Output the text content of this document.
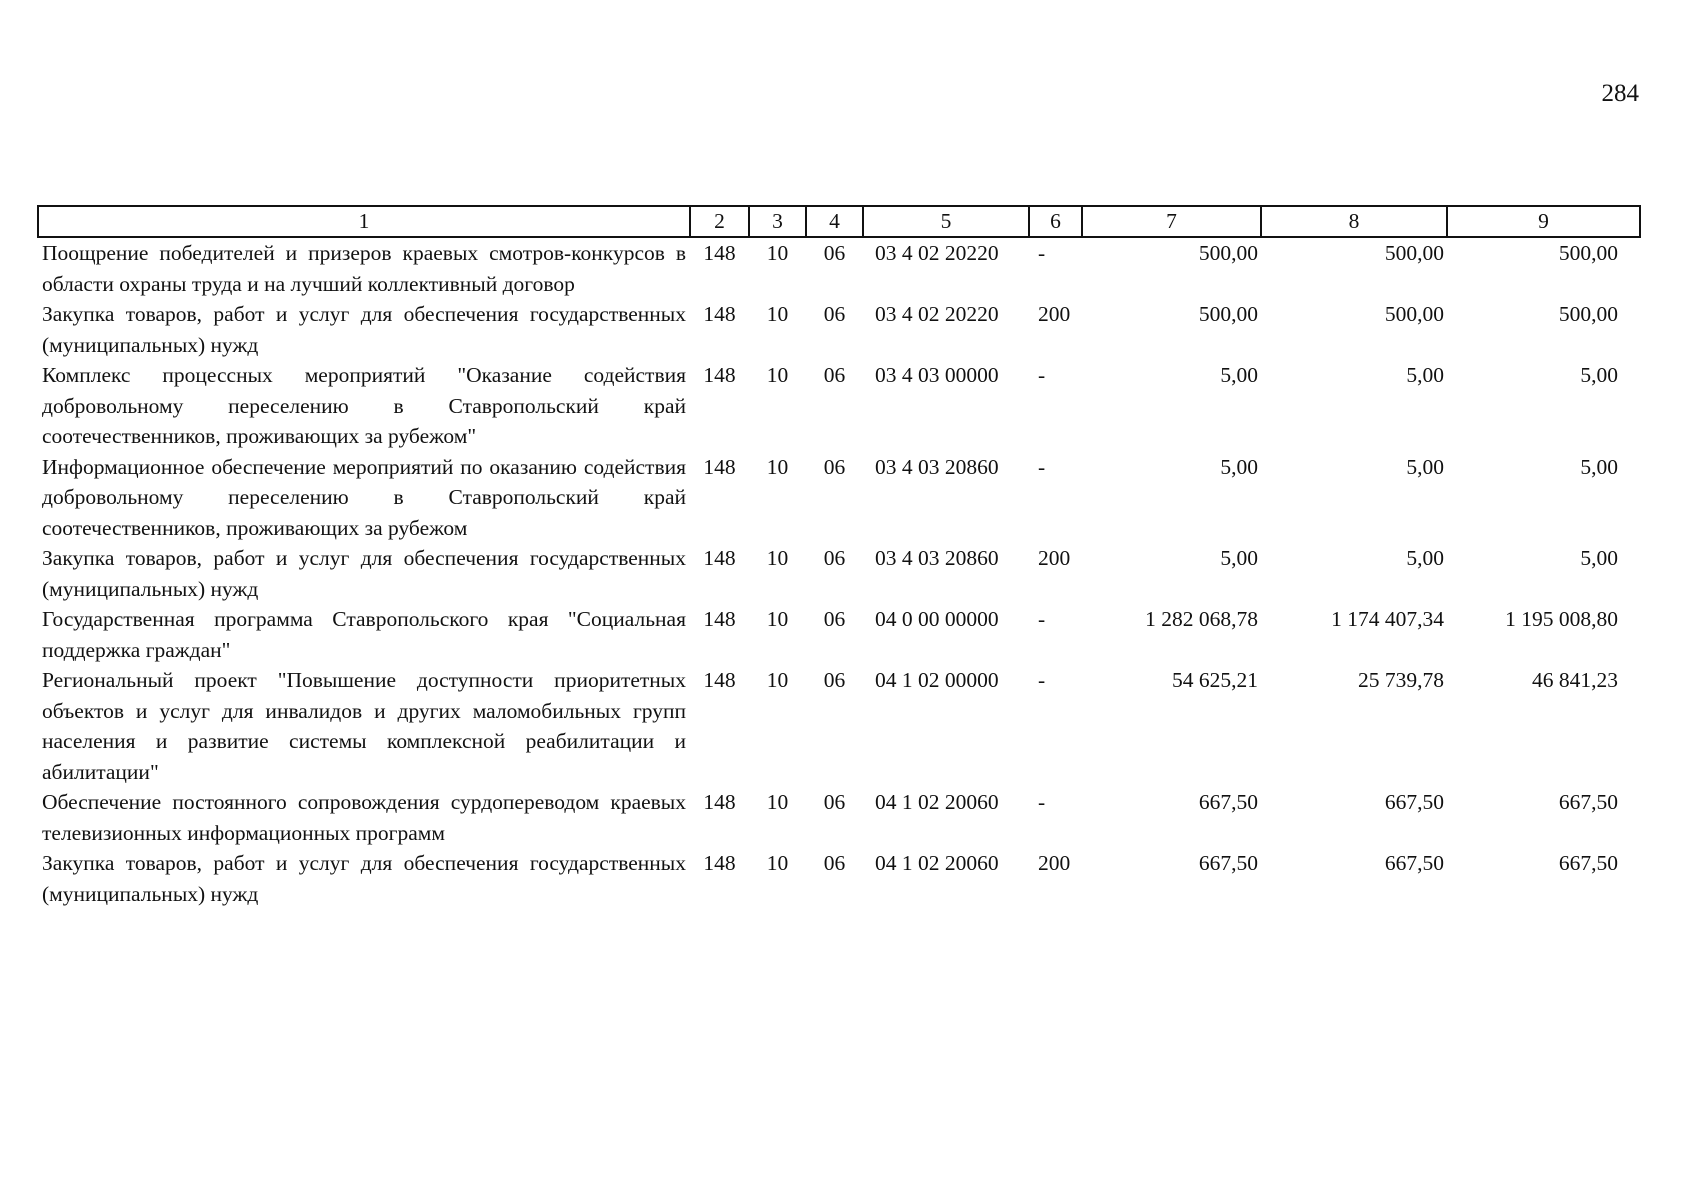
284
1	2	3	4	5	6	7	8	9
Поощрение победителей и призеров краевых смотров-конкурсов в области охраны труда и на лучший коллективный договор	148	10	06	03 4 02 20220	-	500,00	500,00	500,00
Закупка товаров, работ и услуг для обеспечения государственных (муниципальных) нужд	148	10	06	03 4 02 20220	200	500,00	500,00	500,00
Комплекс процессных мероприятий "Оказание содействия добровольному переселению в Ставропольский край соотечественников, проживающих за рубежом"	148	10	06	03 4 03 00000	-	5,00	5,00	5,00
Информационное обеспечение мероприятий по оказанию содействия добровольному переселению в Ставропольский край соотечественников, проживающих за рубежом	148	10	06	03 4 03 20860	-	5,00	5,00	5,00
Закупка товаров, работ и услуг для обеспечения государственных (муниципальных) нужд	148	10	06	03 4 03 20860	200	5,00	5,00	5,00
Государственная программа Ставропольского края "Социальная поддержка граждан"	148	10	06	04 0 00 00000	-	1 282 068,78	1 174 407,34	1 195 008,80
Региональный проект "Повышение доступности приоритетных объектов и услуг для инвалидов и других маломобильных групп населения и развитие системы комплексной реабилитации и абилитации"	148	10	06	04 1 02 00000	-	54 625,21	25 739,78	46 841,23
Обеспечение постоянного сопровождения сурдопереводом краевых телевизионных информационных программ	148	10	06	04 1 02 20060	-	667,50	667,50	667,50
Закупка товаров, работ и услуг для обеспечения государственных (муниципальных) нужд	148	10	06	04 1 02 20060	200	667,50	667,50	667,50
